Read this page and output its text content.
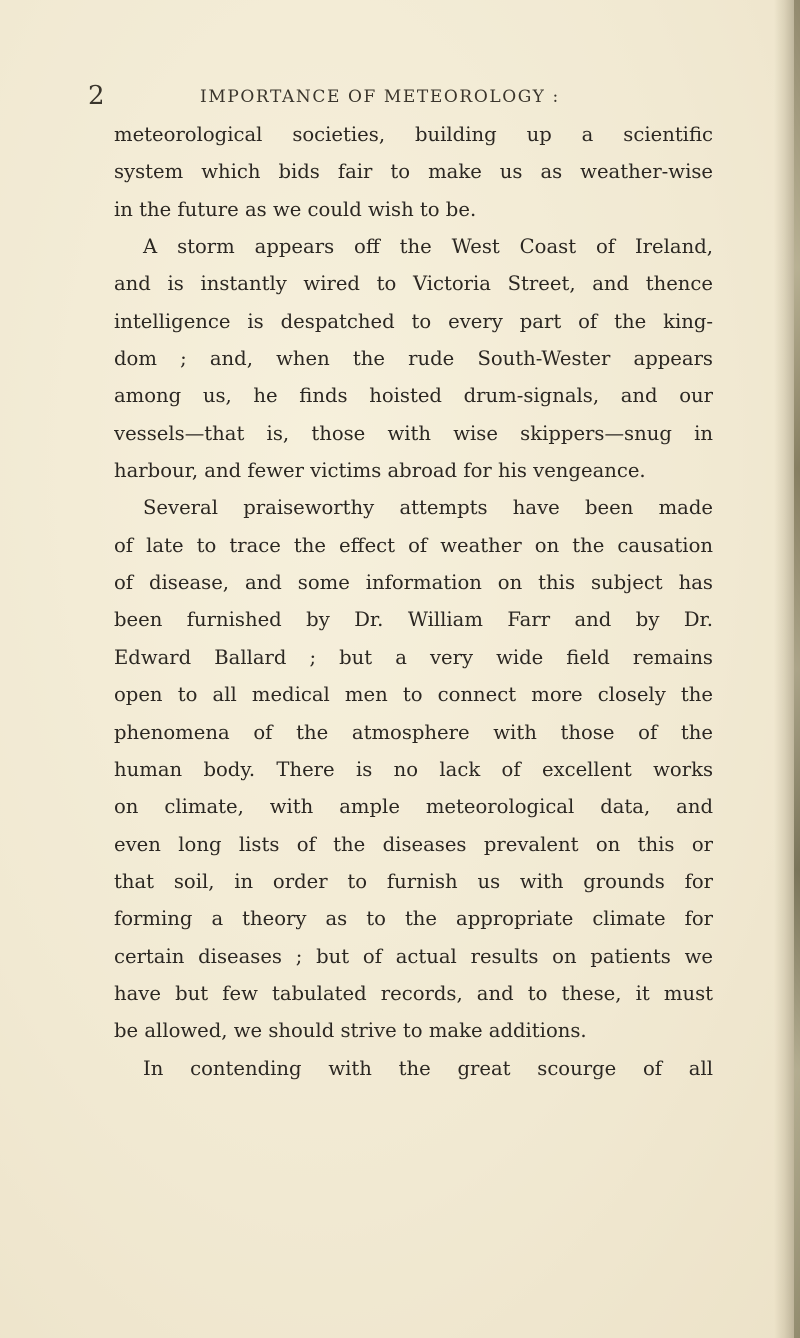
2	IMPORTANCE OF METEOROLOGY :
meteorological societies, building up a scientific
system which bids fair to make us as weather-wise
in the future as we could wish to be.
A storm appears off the West Coast of Ireland,
and is instantly wired to Victoria Street, and thence
intelligence is despatched to every part of the king-
dom ; and, when the rude South-Wester appears
among us, he finds hoisted drum-signals, and our
vessels—that is, those with wise skippers—snug in
harbour, and fewer victims abroad for his vengeance.
Several praiseworthy attempts have been made
of late to trace the effect of weather on the causation
of disease, and some information on this subject has
been furnished by Dr. William Farr and by Dr.
Edward Ballard ; but a very wide field remains
open to all medical men to connect more closely the
phenomena of the atmosphere with those of the
human body. There is no lack of excellent works
on climate, with ample meteorological data, and
even long lists of the diseases prevalent on this or
that soil, in order to furnish us with grounds for
forming a theory as to the appropriate climate for
certain diseases ; but of actual results on patients we
have but few tabulated records, and to these, it must
be allowed, we should strive to make additions.
In contending with the great scourge of all
